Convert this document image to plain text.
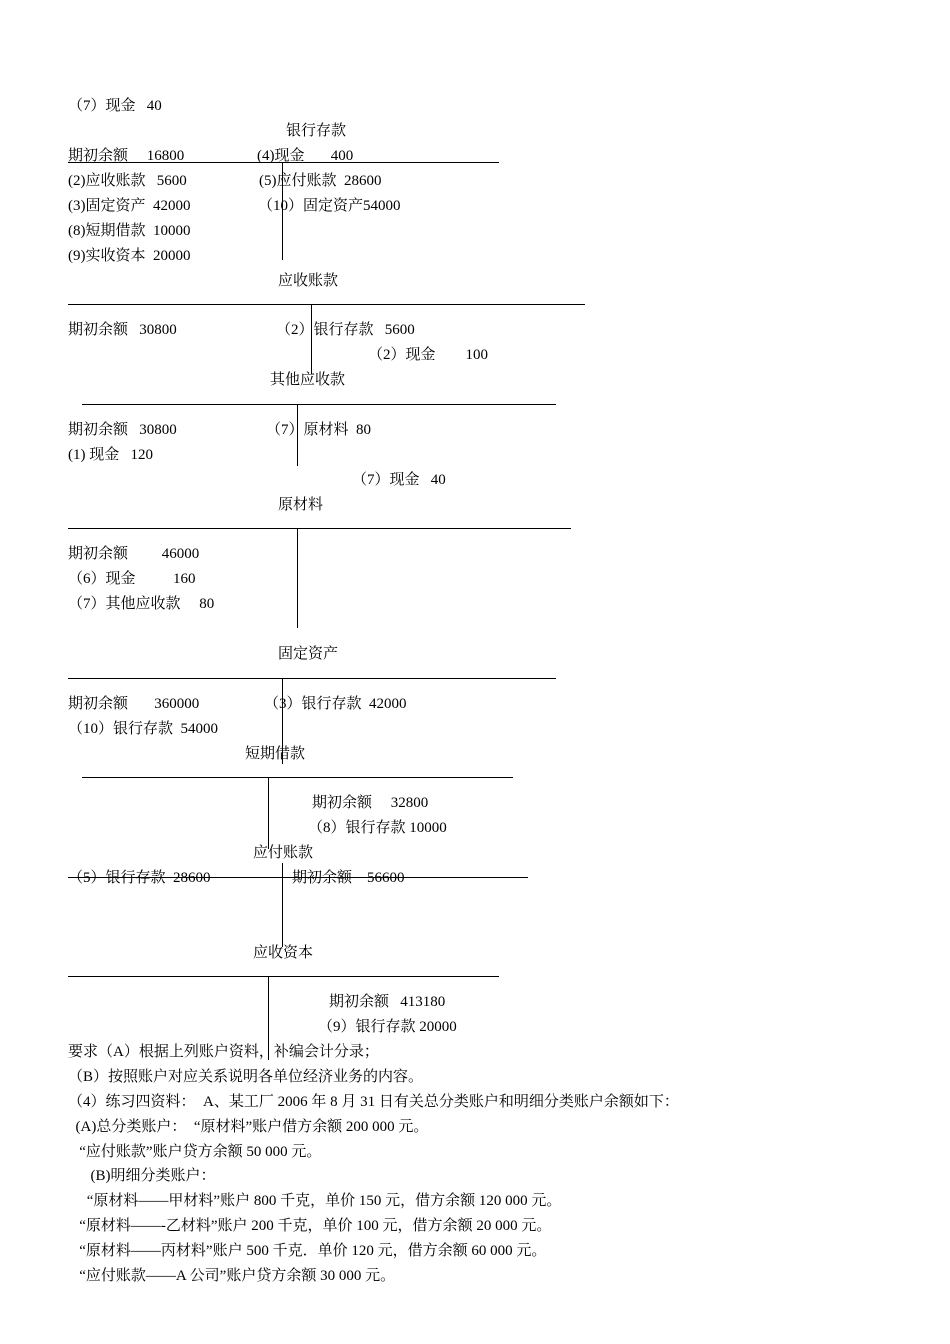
（7）现金   40
银行存款
期初余额     16800
(2)应收账款   5600
(3)固定资产  42000
(8)短期借款  10000
(9)实收资本  20000
(4)现金       400
(5)应付账款  28600
（10）固定资产54000
应收账款
期初余额   30800	（2）银行存款   5600
（2）现金        100
其他应收款
期初余额   30800
(1) 现金   120
（7）原材料  80
（7）现金   40
原材料
期初余额         46000
（6）现金          160
（7）其他应收款     80
固定资产
期初余额       360000
（10）银行存款  54000
（3）银行存款  42000
短期借款
期初余额     32800
（8）银行存款 10000
应付账款
（5）银行存款  28600	期初余额    56600
应收资本
期初余额   413180
（9）银行存款 20000
要求（A）根据上列账户资料，补编会计分录；
（B）按照账户对应关系说明各单位经济业务的内容。
（4）练习四资料：  A、某工厂 2006 年 8 月 31 日有关总分类账户和明细分类账户余额如下：
(A)总分类账户：  “原材料”账户借方余额 200 000 元。
“应付账款”账户贷方余额 50 000 元。
(B)明细分类账户：
“原材料——甲材料”账户 800 千克，单价 150 元，借方余额 120 000 元。
“原材料——-乙材料”账户 200 千克，单价 100 元，借方余额 20 000 元。
“原材料——丙材料”账户 500 千克．单价 120 元，借方余额 60 000 元。
“应付账款——A 公司”账户贷方余额 30 000 元。
